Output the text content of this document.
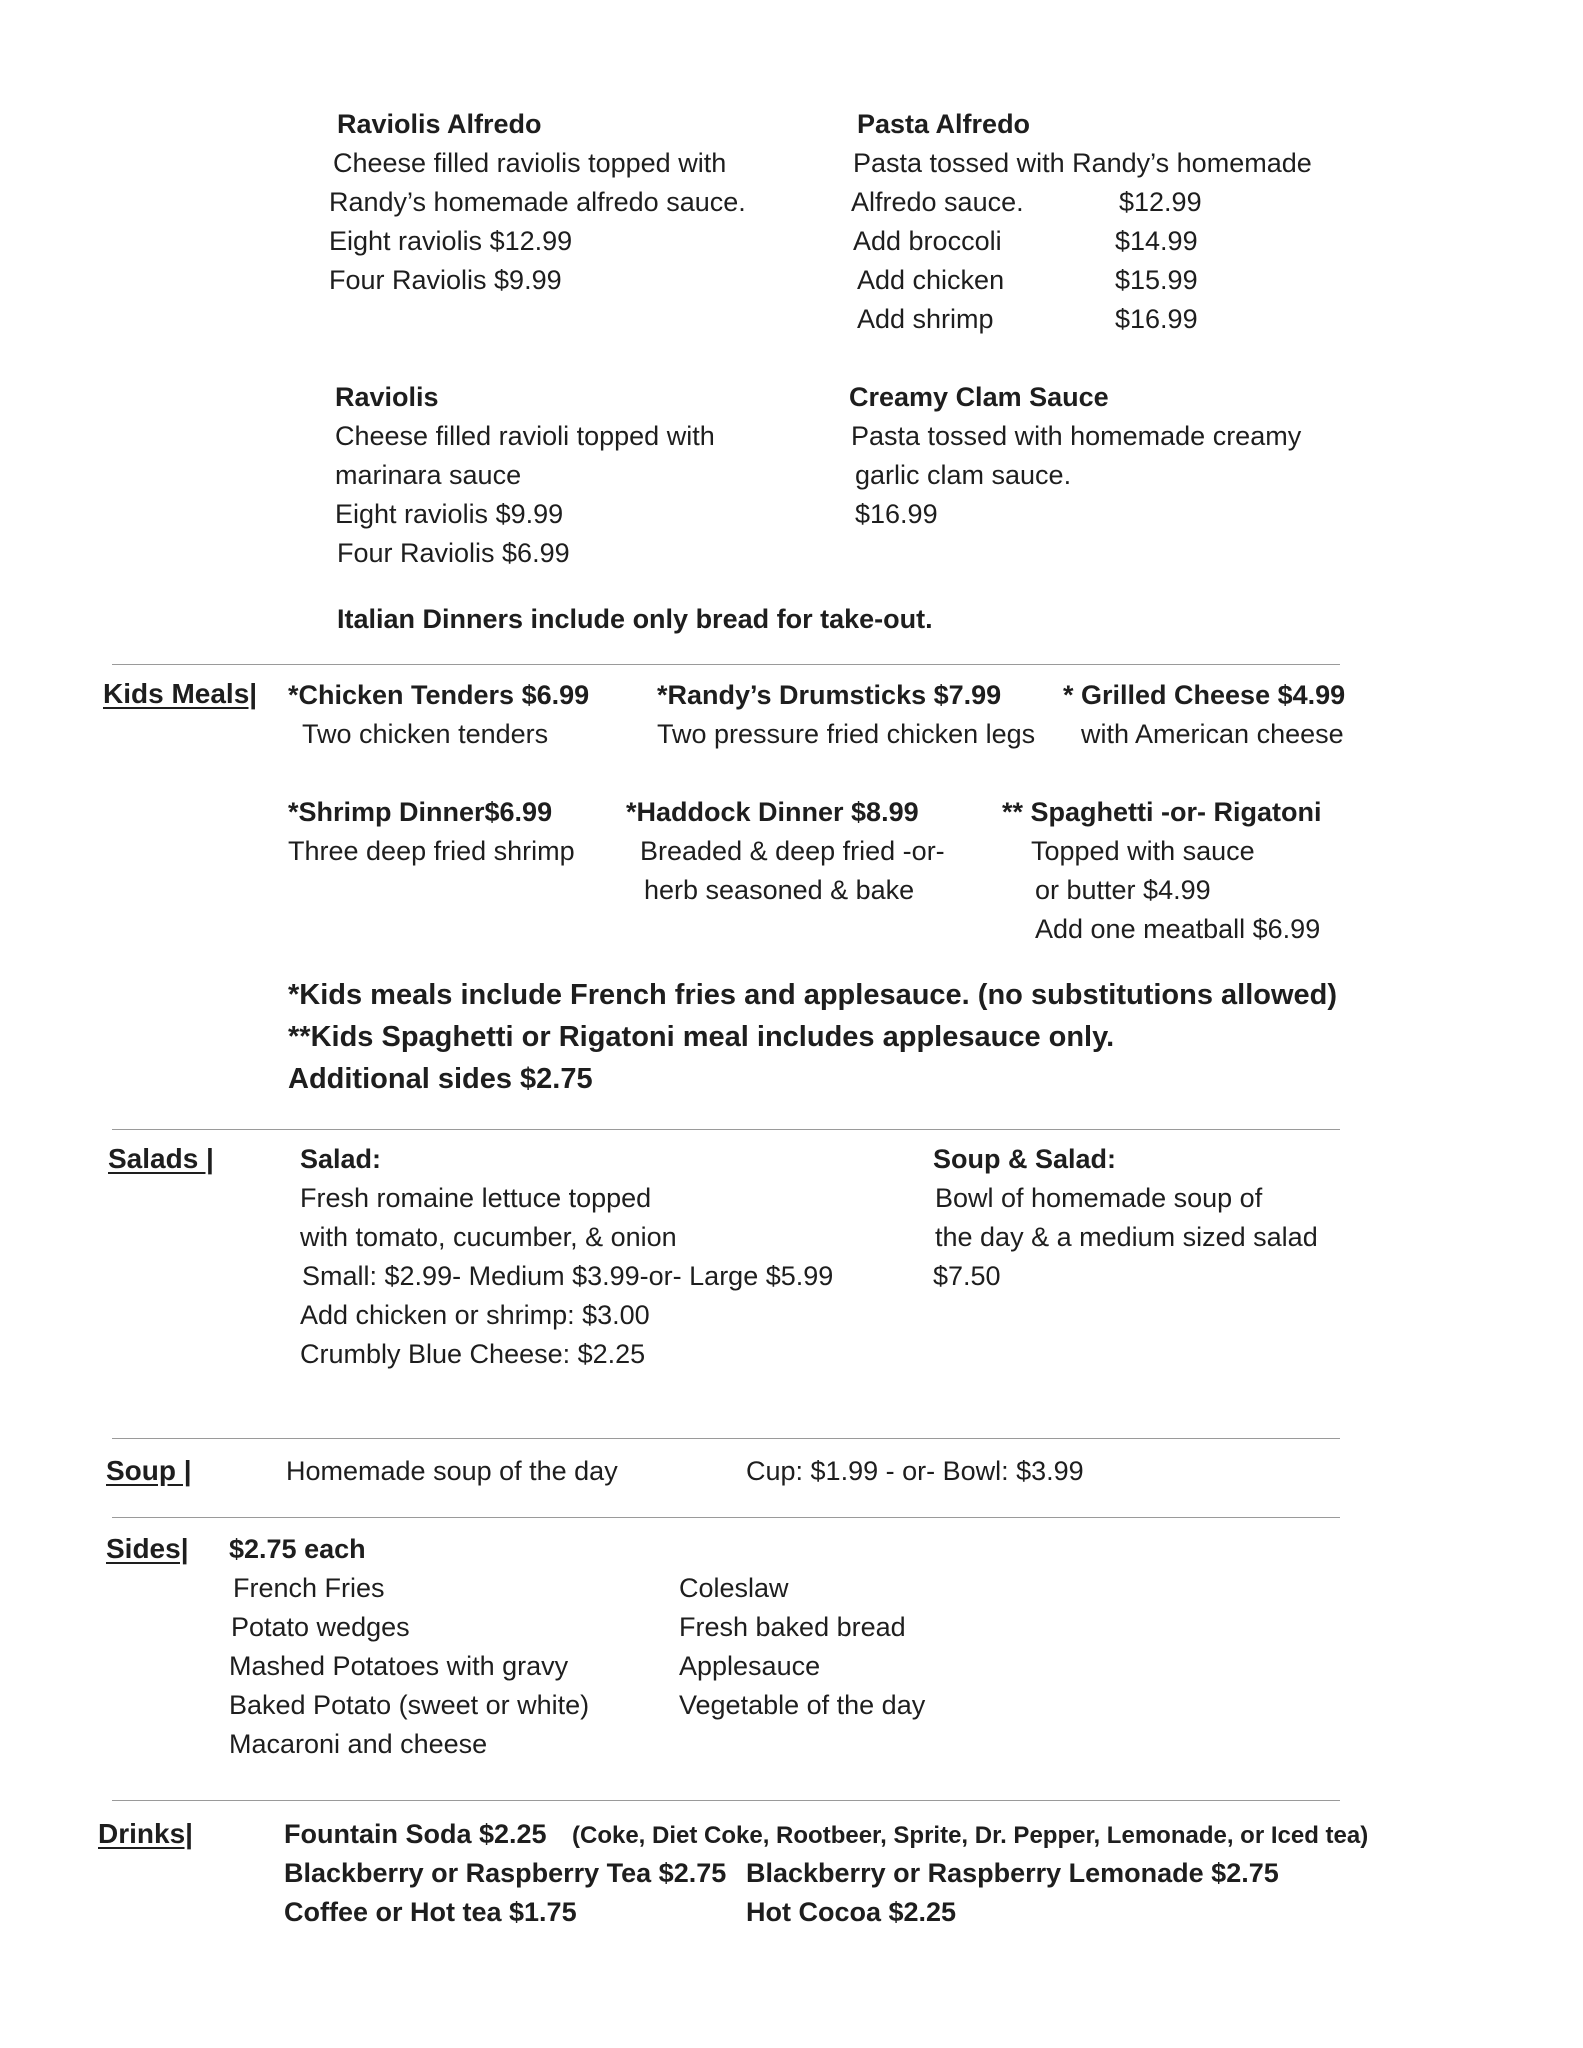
Raviolis Alfredo
Cheese filled raviolis topped with
Randy’s homemade alfredo sauce.
Eight raviolis $12.99
Four Raviolis $9.99
Pasta Alfredo
Pasta tossed with Randy’s homemade
Alfredo sauce.	$12.99
Add broccoli	$14.99
Add chicken	$15.99
Add shrimp	$16.99
Raviolis
Cheese filled ravioli topped with
marinara sauce
Eight raviolis $9.99
Four Raviolis $6.99
Creamy Clam Sauce
Pasta tossed with homemade creamy
garlic clam sauce.
$16.99
Italian Dinners include only bread for take-out.
Kids Meals| *Chicken Tenders $6.99
Two chicken tenders
*Randy’s Drumsticks $7.99
Two pressure fried chicken legs
* Grilled Cheese $4.99
with American cheese
*Shrimp Dinner$6.99
Three deep fried shrimp
*Haddock Dinner $8.99
Breaded & deep fried -or-
herb seasoned & bake
** Spaghetti -or- Rigatoni
Topped with sauce
or butter $4.99
Add one meatball $6.99
*Kids meals include French fries and applesauce. (no substitutions allowed)
**Kids Spaghetti or Rigatoni meal includes applesauce only.
Additional sides $2.75
Salads |	Salad:
Fresh romaine lettuce topped
with tomato, cucumber, & onion
Small: $2.99- Medium $3.99-or- Large $5.99
Add chicken or shrimp: $3.00
Crumbly Blue Cheese: $2.25
Soup & Salad:
Bowl of homemade soup of
the day & a medium sized salad
$7.50
Soup |	Homemade soup of the day	Cup: $1.99 - or- Bowl: $3.99
Sides| $2.75 each
French Fries
Potato wedges
Mashed Potatoes with gravy
Baked Potato (sweet or white)
Macaroni and cheese
Coleslaw
Fresh baked bread
Applesauce
Vegetable of the day
Drinks|	Fountain Soda $2.25 (Coke, Diet Coke, Rootbeer, Sprite, Dr. Pepper, Lemonade, or Iced tea)
Blackberry or Raspberry Tea $2.75 Blackberry or Raspberry Lemonade $2.75
Coffee or Hot tea $1.75	Hot Cocoa $2.25
